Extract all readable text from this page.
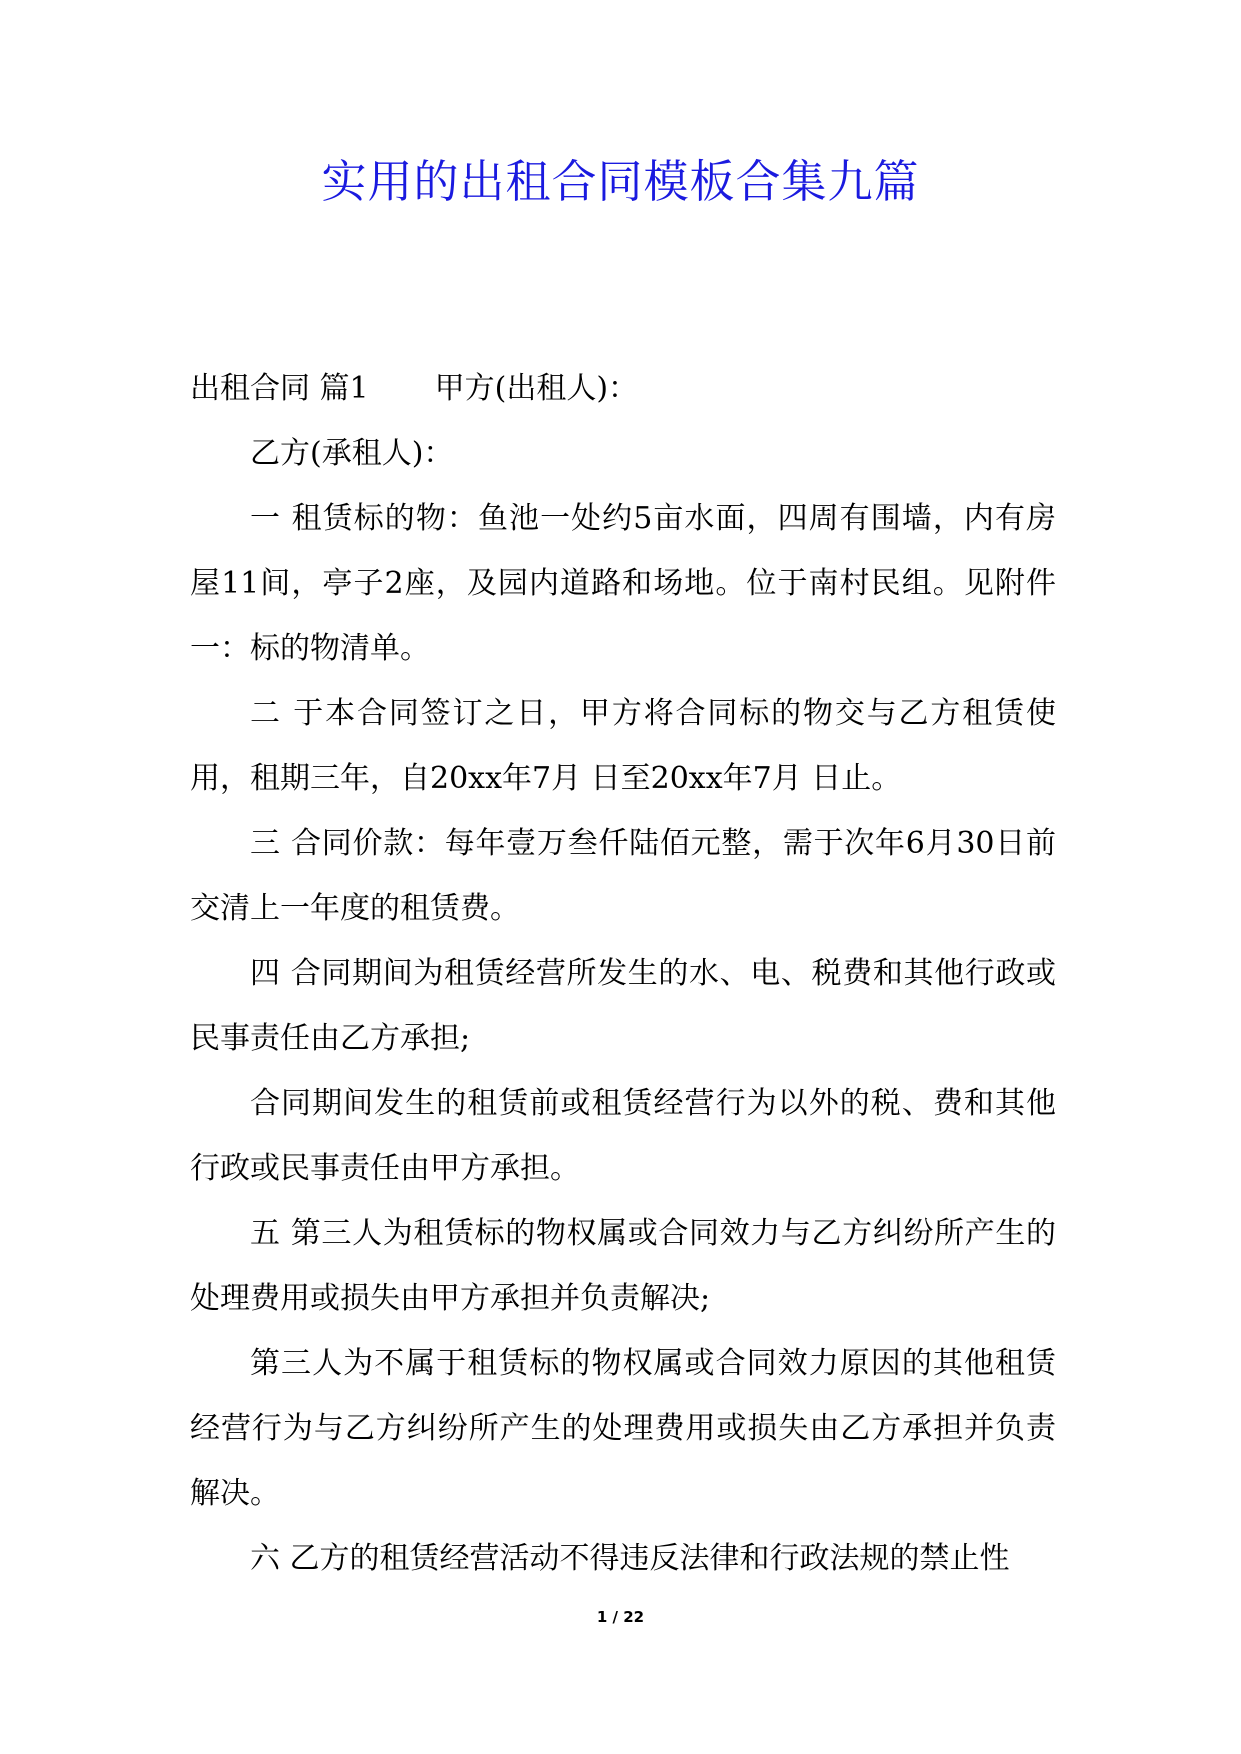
实用的出租合同模板合集九篇

出租合同 篇1 甲方(出租人)：

乙方(承租人)：

一 租赁标的物：鱼池一处约5亩水面，四周有围墙，内有房屋11间，亭子2座，及园内道路和场地。位于南村民组。见附件一：标的物清单。

二 于本合同签订之日，甲方将合同标的物交与乙方租赁使用，租期三年，自20xx年7月 日至20xx年7月 日止。

三 合同价款：每年壹万叁仟陆佰元整，需于次年6月30日前交清上一年度的租赁费。

四 合同期间为租赁经营所发生的水、电、税费和其他行政或民事责任由乙方承担;

合同期间发生的租赁前或租赁经营行为以外的税、费和其他行政或民事责任由甲方承担。

五 第三人为租赁标的物权属或合同效力与乙方纠纷所产生的处理费用或损失由甲方承担并负责解决;

第三人为不属于租赁标的物权属或合同效力原因的其他租赁经营行为与乙方纠纷所产生的处理费用或损失由乙方承担并负责解决。

六 乙方的租赁经营活动不得违反法律和行政法规的禁止性

1 / 22
